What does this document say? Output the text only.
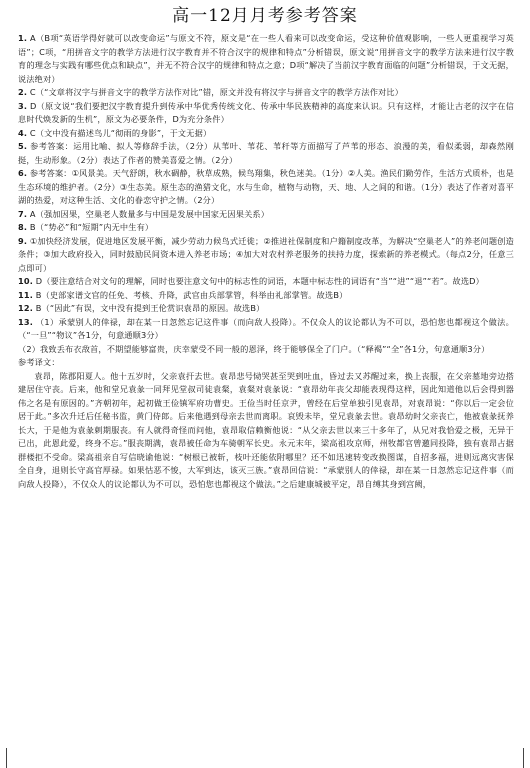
高一12月月考参考答案

1. A（B项“英语学得好就可以改变命运”与原文不符，原文是“在一些人看来可以改变命运，受这种价值观影响，一些人更重视学习英语”；C项，“用拼音文字的教学方法进行汉字教育并不符合汉字的规律和特点”分析错误，原文说“用拼音文字的教学方法来进行汉字教育的理念与实践有哪些优点和缺点”，并无不符合汉字的规律和特点之意；D项“解决了当前汉字教育面临的问题”分析错误，于文无据，说法绝对）

2. C（“文章将汉字与拼音文字的教学方法作对比”错，原文并没有将汉字与拼音文字的教学方法作对比）

3. D（原文说“我们要把汉字教育提升到传承中华优秀传统文化、传承中华民族精神的高度来认识。只有这样，才能让古老的汉字在信息时代焕发新的生机”，原文为必要条件，D为充分条件）

4. C（文中没有描述鸟儿“彻雨的身影”，于文无据）

5. 参考答案：运用比喻、拟人等修辞手法，（2分）从苇叶、苇花、苇秆等方面描写了芦苇的形态、浪漫的美，看似柔弱，却森然刚挺，生动形象。（2分）表达了作者的赞美喜爱之情。（2分）

6. 参考答案：①风景美。天气舒朗，秋水碉静，秋草成熟，候鸟翔集，秋色迷美。（1分）②人美。渔民们勤劳作，生活方式质朴，也是生态环境的维护者。（2分）③生态美。原生态的渔猎文化，水与生命，植物与动物，天、地、人之间的和谐。（1分）表达了作者对喜平湖的热爱，对这种生活、文化的眷恋守护之情。（2分）

7. A（强加因果，空巢老人数量多与中国是发展中国家无因果关系）

8. B（“势必”和“短期”内无中生有）

9. ①加快经济发展，促进地区发展平衡，减少劳动力候鸟式迁徙；②推进社保制度和户籍制度改革，为解决“空巢老人”的养老问题创造条件；③加大政府投入，同时鼓励民间资本进入养老市场；④加大对农村养老服务的扶持力度，探索新的养老模式。（每点2分，任意三点即可）

10. D（要注意结合对文句的理解，同时也要注意文句中的标志性的词语，本题中标志性的词语有“当”“进”“退”“若”。故选D）

11. B（史部家谱文官的任免、考核、升降，武官由兵部掌管，科举由礼部掌管。故选B）

12. B（“因此”有误，文中没有提到王伦赏识袁昂的原因。故选B）

13. （1）承蒙别人的倖禄，却在某一日忽然忘记这件事（而向敌人投降）。不仅众人的议论都认为不可以，恐怕您也都视这个做法。（“一旦”“物议”各1分，句意通顺3分）

（2）我致丢布衣敌首，不期望能够富贵，庆幸蒙受不同一般的恩泽，终于能够保全了门户。（“释褐”“全”各1分，句意通顺3分）

参考译文：

袁昂，陈郡阳夏人。他十五岁时，父亲袁扞去世。袁昂悲号恸哭甚至哭到吐血，昏过去又苏醒过来，换上丧服，在父亲墓地旁边搭建居住守丧。后来，他和堂兄袁彖一同拜见堂叔司徒袁粲，袁粲对袁彖说：“袁昂幼年丧父却能表现得这样，因此知道他以后会得到器伟之名是有原因的。”齐朝初年，起初做王俭镇军府功曹史。王俭当时任京尹，曾经在后堂单独引见袁昂，对袁昂说：“你以后一定会位居于此。”多次升迁后任秘书监，黄门侍郎。后来他遇到母亲去世而离职。哀毁未毕，堂兄袁彖去世。袁昂幼时父亲丧亡，他被袁彖抚养长大，于是他为袁彖刺期服丧。有人就得奇怪而问他，袁昂取信赖衡他说：“从父亲去世以来三十多年了，从兄对我恰爱之极，无异于已出，此恩此爱，终身不忘。”服丧期满，袁昂被任命为车骑朝军长史。永元末年，梁高祖攻京师，州牧都官曾邀同投降，独有袁昂占据群楼拒不受命。梁高祖亲自写信晓谕他说：“树根已被斩，枝叶还能依附哪里？还不如迅速转变改换图谋，自招多福，进则远离灾害保全自身，退则长守高官厚禄。如果怙恶不悛，大军到达，该灭三族。”袁昂回信说：“承蒙别人的倖禄，却在某一日忽然忘记这件事（而向敌人投降），不仅众人的议论都认为不可以，恐怕您也都视这个做法。”之后建康城被平定，昂自缚其身到宫阙，
